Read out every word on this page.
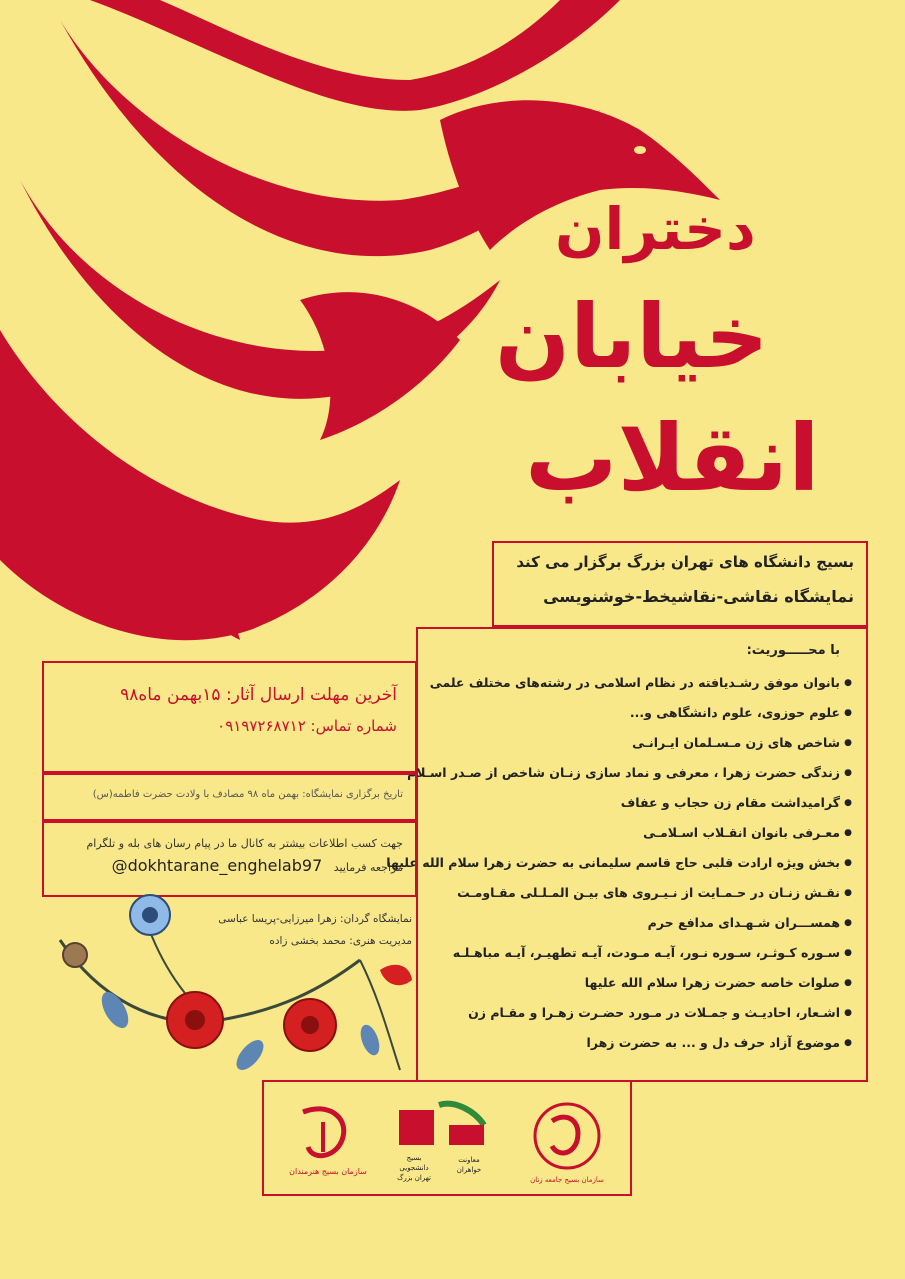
دختران
خیابان
انقلاب
بسیج دانشگاه های تهران بزرگ برگزار می کند
نمایشگاه نقاشی-نقاشیخط-خوشنویسی
با محـــــوریت:
● بانوان موفق رشـدیافته در نظام اسلامی در رشته‌های مختلف علمی
● علوم حوزوی، علوم دانشگاهی و...
● شاخص های زن مـسـلمان ایـرانـی
● زندگی حضرت زهرا ، معرفی و نماد سازی زنـان شاخص از صـدر اسـلام
● گرامیداشت مقام زن حجاب و عفاف
● معـرفی بانوان انقـلاب اسـلامـی
● بخش ویژه ارادت قلبی حاج قاسم سلیمانی به حضرت زهرا سلام الله علیها
● نقـش زنـان در حـمـایت از نـیـروی های بیـن المـلـلی مقـاومـت
● همســـران شـهـدای مدافع حرم
● سـوره کـوثـر، سـوره نـور، آیـه مـودت، آیـه تطهیـر، آیـه مباهـلـه
● صلوات خاصه حضرت زهرا سلام الله علیها
● اشـعار، احادیـث و جمـلات در مـورد حضـرت زهـرا و مقـام زن
● موضوع آزاد حرف دل و ... به حضرت زهرا
آخرین مهلت ارسال آثار: ۱۵بهمن ماه۹۸
شماره تماس: ۰۹۱۹۷۲۶۸۷۱۲
تاریخ برگزاری نمایشگاه: بهمن ماه ۹۸ مصادف با ولادت حضرت فاطمه(س)
جهت کسب اطلاعات بیشتر به کانال ما در پیام رسان های بله و تلگرام
مراجعه فرمایید @dokhtarane_enghelab97
نمایشگاه گردان: زهرا میرزایی-پریسا عباسی
مدیریت هنری: محمد بخشی زاده
سازمان بسیج هنرمندان
بسیج
دانشجویی
تهران بزرگ
معاونت
خواهران
سازمان بسیج جامعه زنان
